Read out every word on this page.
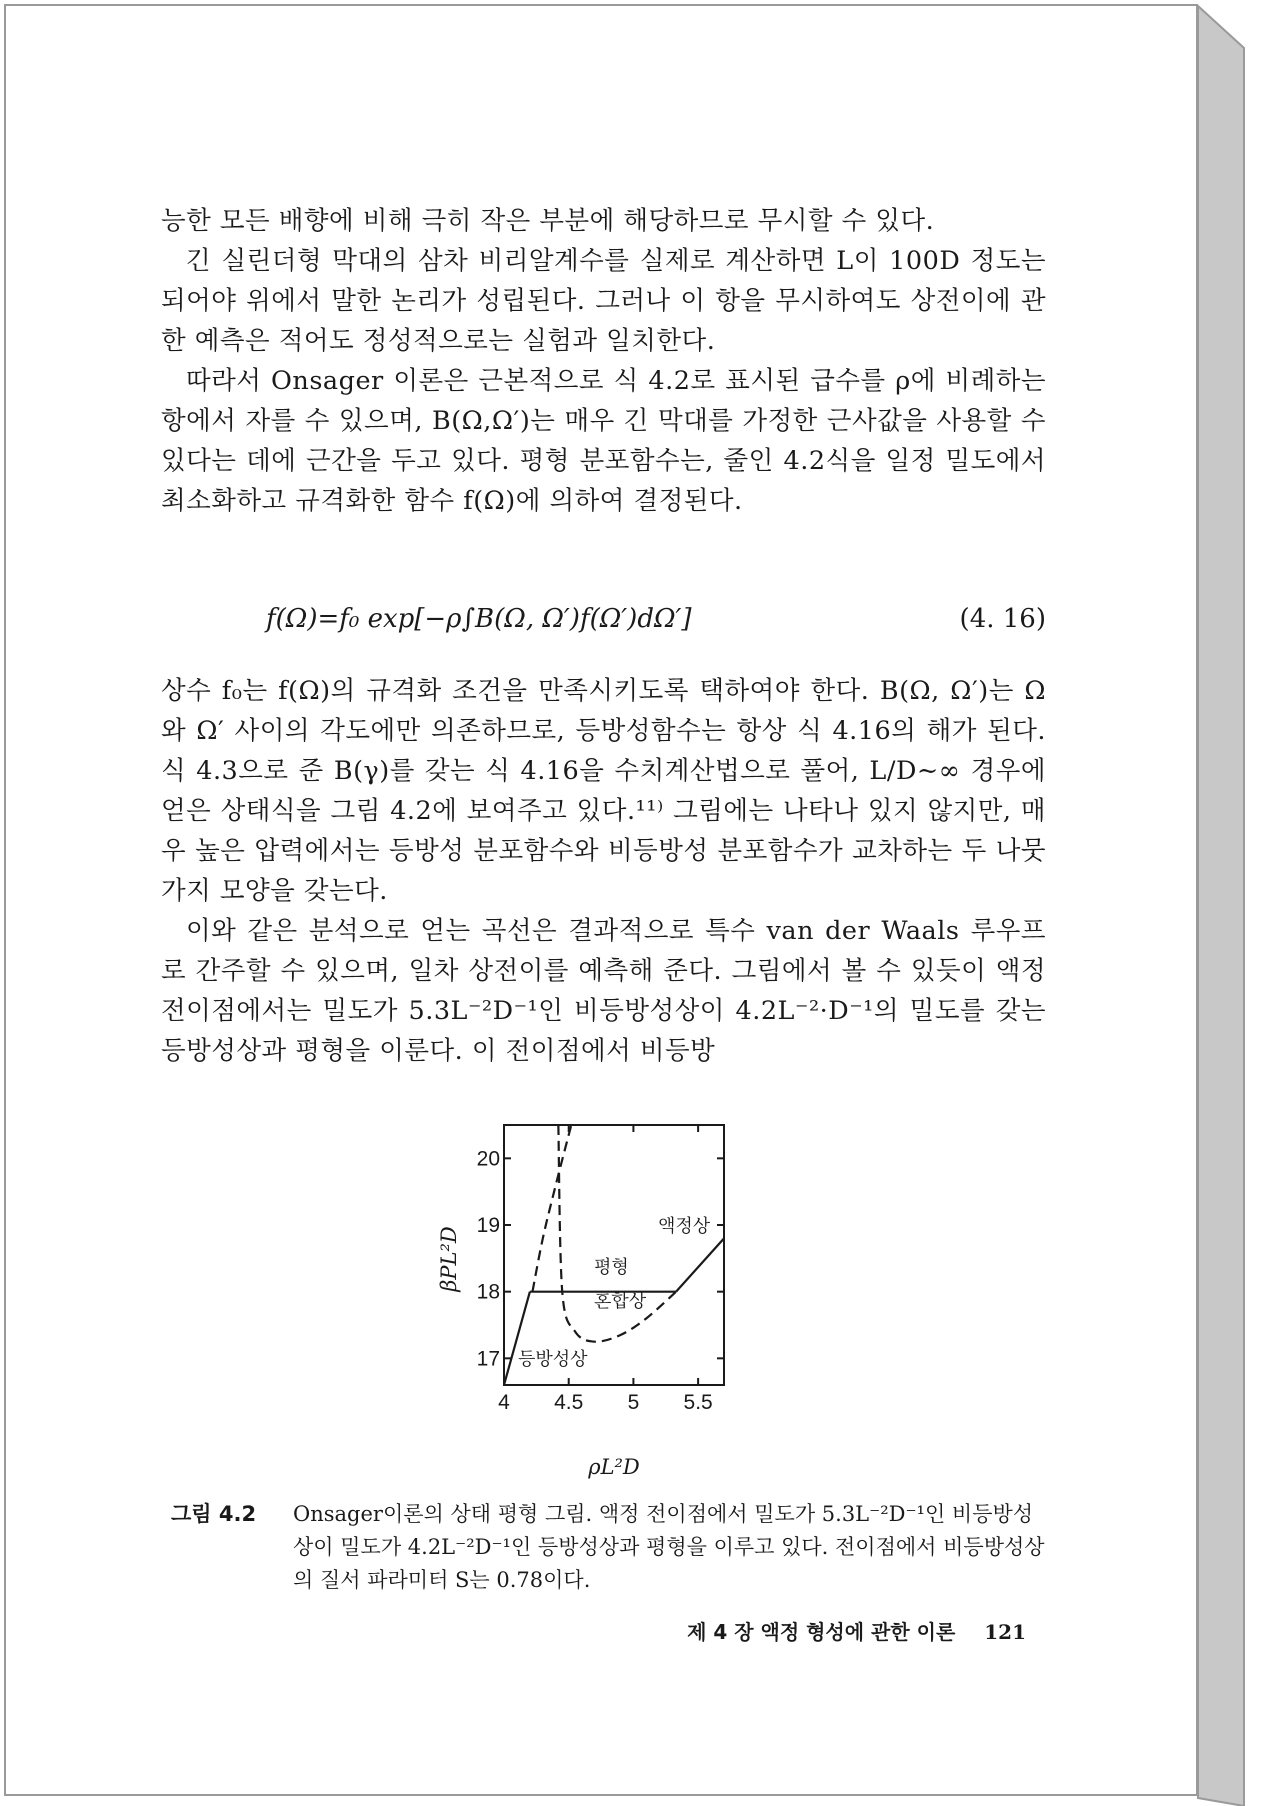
능한 모든 배향에 비해 극히 작은 부분에 해당하므로 무시할 수 있다.

긴 실린더형 막대의 삼차 비리알계수를 실제로 계산하면 L이 100D 정도는 되어야 위에서 말한 논리가 성립된다. 그러나 이 항을 무시하여도 상전이에 관한 예측은 적어도 정성적으로는 실험과 일치한다.

따라서 Onsager 이론은 근본적으로 식 4.2로 표시된 급수를 ρ에 비례하는 항에서 자를 수 있으며, B(Ω,Ω′)는 매우 긴 막대를 가정한 근사값을 사용할 수 있다는 데에 근간을 두고 있다. 평형 분포함수는, 줄인 4.2식을 일정 밀도에서 최소화하고 규격화한 함수 f(Ω)에 의하여 결정된다.

f(Ω)=f₀ exp[−ρ∫B(Ω, Ω′)f(Ω′)dΩ′]	(4. 16)

상수 f₀는 f(Ω)의 규격화 조건을 만족시키도록 택하여야 한다. B(Ω, Ω′)는 Ω와 Ω′ 사이의 각도에만 의존하므로, 등방성함수는 항상 식 4.16의 해가 된다. 식 4.3으로 준 B(γ)를 갖는 식 4.16을 수치계산법으로 풀어, L/D∼∞ 경우에 얻은 상태식을 그림 4.2에 보여주고 있다.¹¹⁾ 그림에는 나타나 있지 않지만, 매우 높은 압력에서는 등방성 분포함수와 비등방성 분포함수가 교차하는 두 나뭇가지 모양을 갖는다.

이와 같은 분석으로 얻는 곡선은 결과적으로 특수 van der Waals 루우프로 간주할 수 있으며, 일차 상전이를 예측해 준다. 그림에서 볼 수 있듯이 액정 전이점에서는 밀도가 5.3L⁻²D⁻¹인 비등방성상이 4.2L⁻²·D⁻¹의 밀도를 갖는 등방성상과 평형을 이룬다. 이 전이점에서 비등방

17
18
19
20
4 4.5 5 5.5
βPL²D
ρL²D
액정상
평형
혼합상
등방성상
그림 4.2 Onsager이론의 상태 평형 그림. 액정 전이점에서 밀도가 5.3L⁻²D⁻¹인 비등방성상이 밀도가 4.2L⁻²D⁻¹인 등방성상과 평형을 이루고 있다. 전이점에서 비등방성상의 질서 파라미터 S는 0.78이다.
제 4 장 액정 형성에 관한 이론 121
